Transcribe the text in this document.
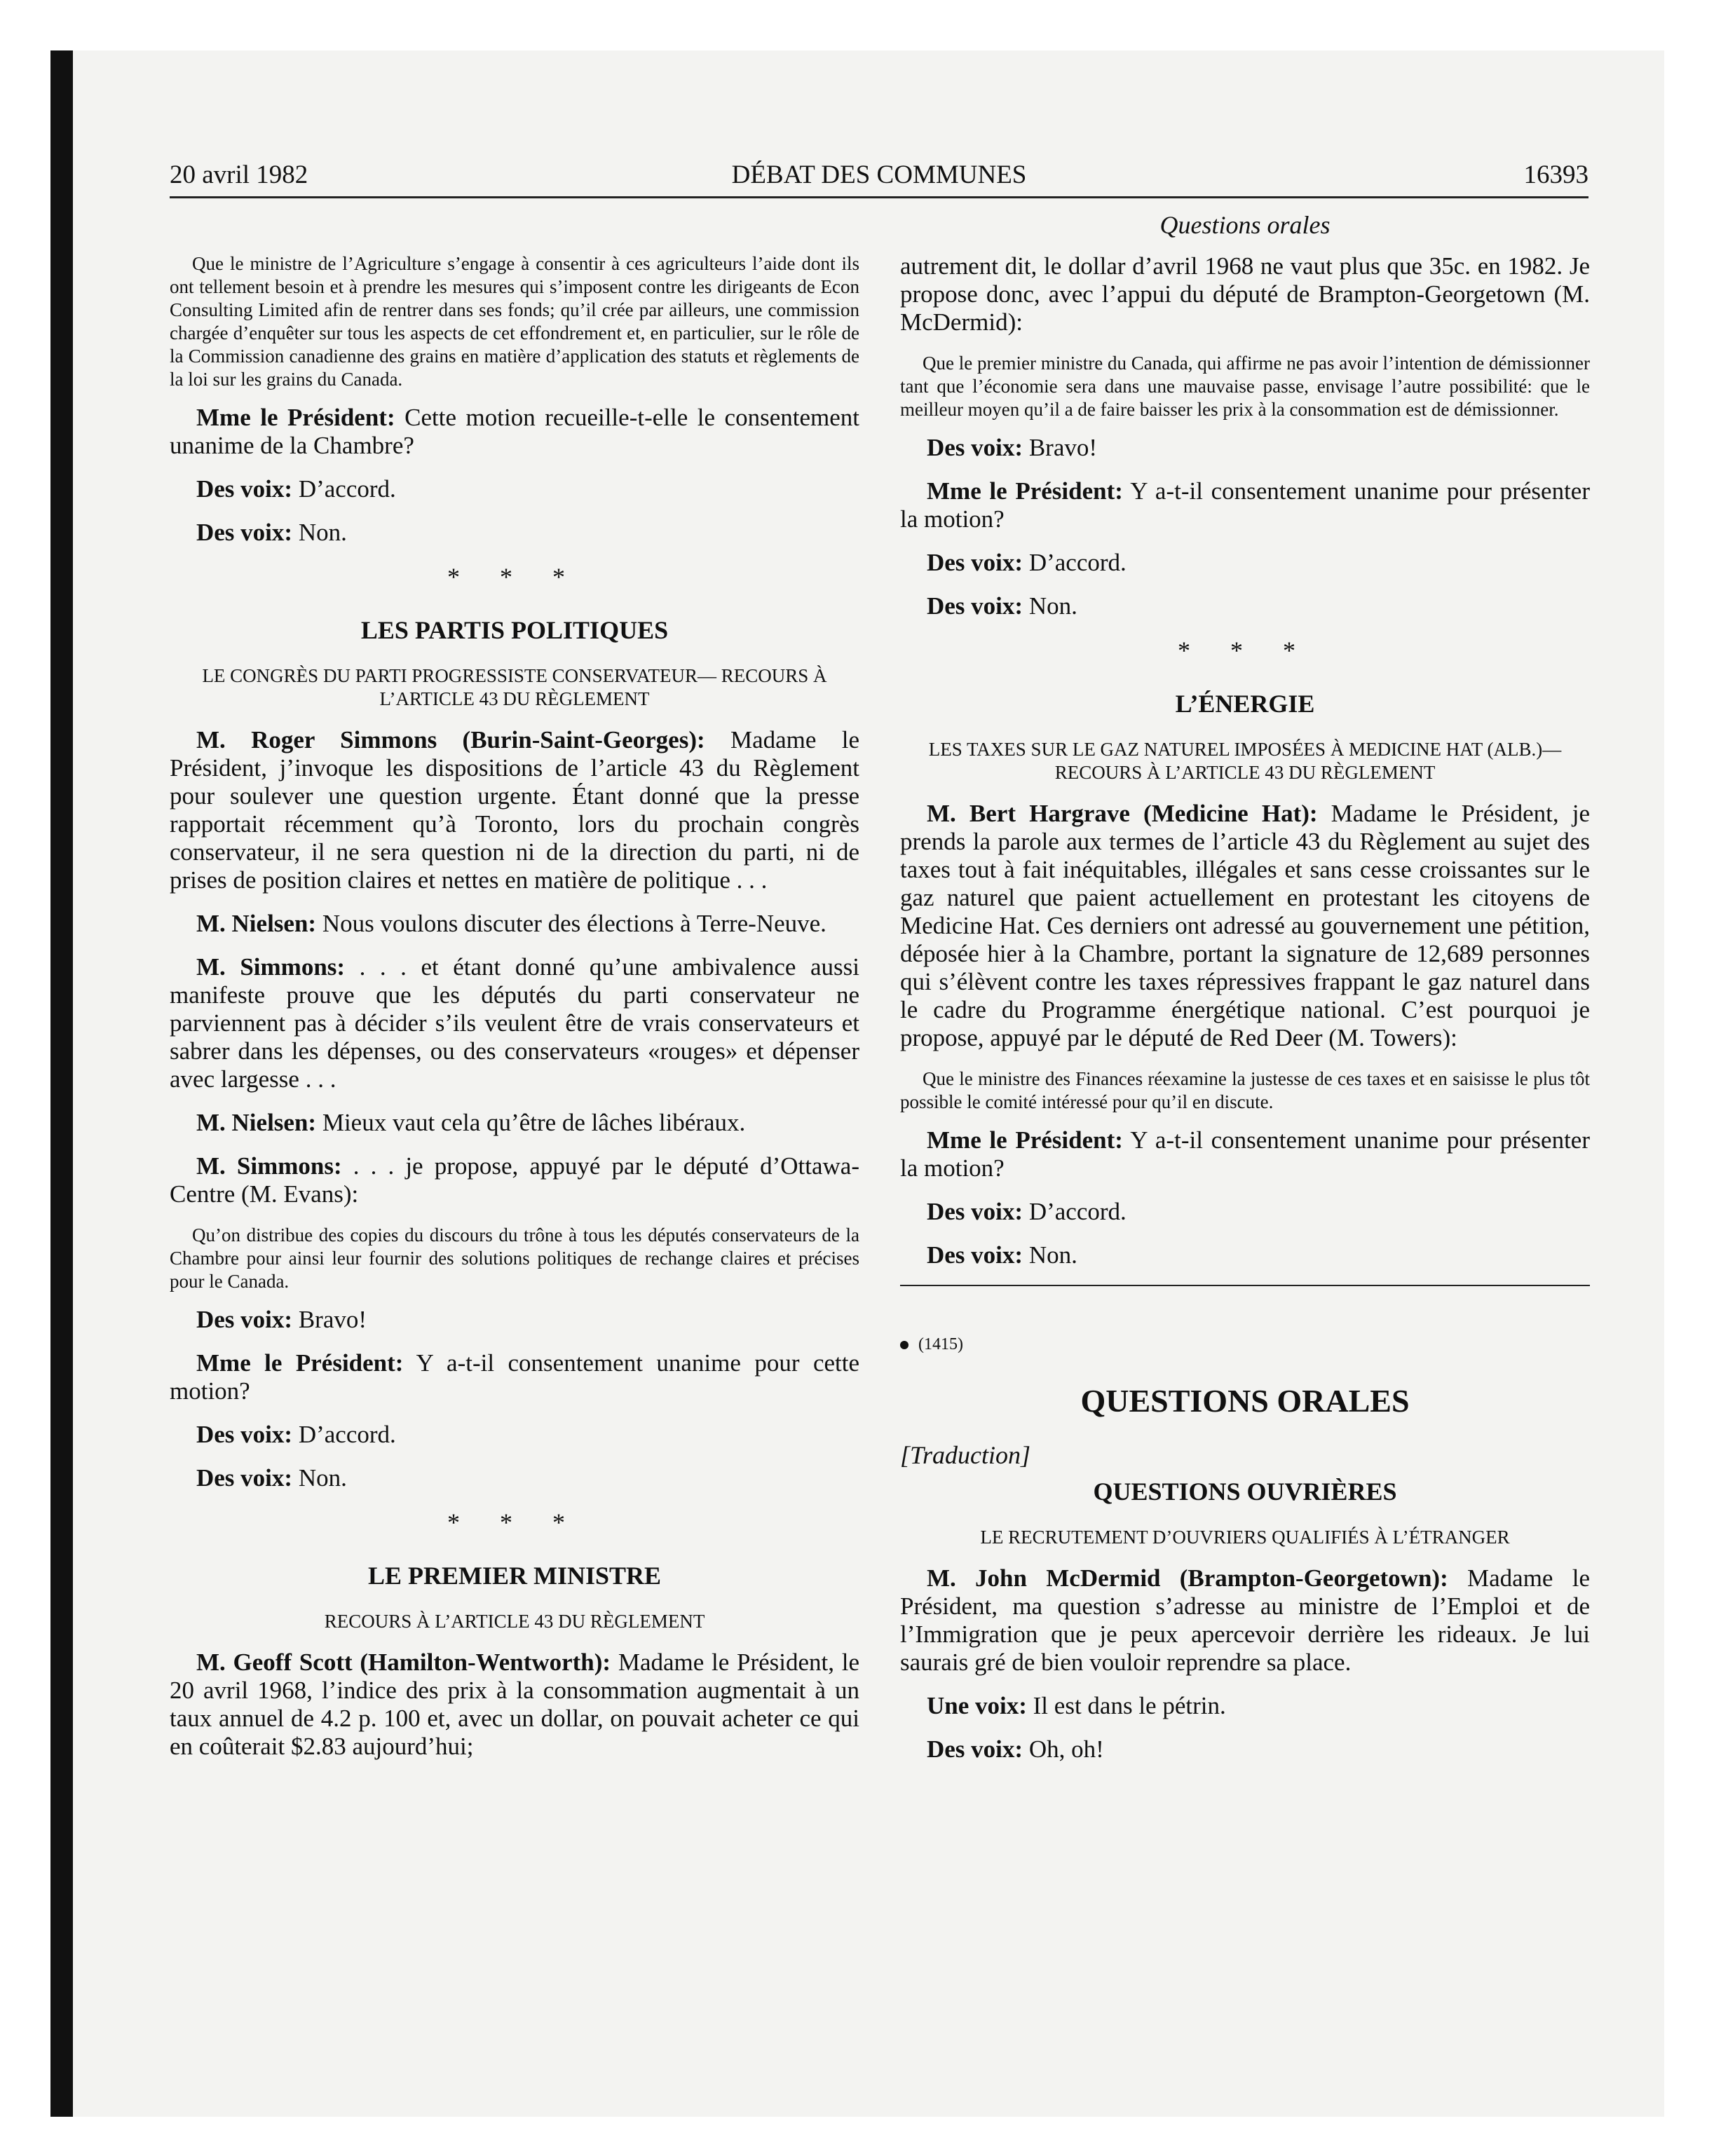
DÉBAT DES COMMUNES
20 avril 1982	16393
Questions orales

Que le ministre de l’Agriculture s’engage à consentir à ces agriculteurs l’aide dont ils ont tellement besoin et à prendre les mesures qui s’imposent contre les dirigeants de Econ Consulting Limited afin de rentrer dans ses fonds; qu’il crée par ailleurs, une commission chargée d’enquêter sur tous les aspects de cet effondrement et, en particulier, sur le rôle de la Commission canadienne des grains en matière d’application des statuts et règlements de la loi sur les grains du Canada.

Mme le Président: Cette motion recueille-t-elle le consentement unanime de la Chambre?

Des voix: D’accord.

Des voix: Non.

* * *

LES PARTIS POLITIQUES

LE CONGRÈS DU PARTI PROGRESSISTE CONSERVATEUR— RECOURS À L’ARTICLE 43 DU RÈGLEMENT

M. Roger Simmons (Burin-Saint-Georges): Madame le Président, j’invoque les dispositions de l’article 43 du Règlement pour soulever une question urgente. Étant donné que la presse rapportait récemment qu’à Toronto, lors du prochain congrès conservateur, il ne sera question ni de la direction du parti, ni de prises de position claires et nettes en matière de politique . . .

M. Nielsen: Nous voulons discuter des élections à Terre-Neuve.

M. Simmons: . . . et étant donné qu’une ambivalence aussi manifeste prouve que les députés du parti conservateur ne parviennent pas à décider s’ils veulent être de vrais conservateurs et sabrer dans les dépenses, ou des conservateurs «rouges» et dépenser avec largesse . . .

M. Nielsen: Mieux vaut cela qu’être de lâches libéraux.

M. Simmons: . . . je propose, appuyé par le député d’Ottawa-Centre (M. Evans):

Qu’on distribue des copies du discours du trône à tous les députés conservateurs de la Chambre pour ainsi leur fournir des solutions politiques de rechange claires et précises pour le Canada.

Des voix: Bravo!

Mme le Président: Y a-t-il consentement unanime pour cette motion?

Des voix: D’accord.

Des voix: Non.

* * *

LE PREMIER MINISTRE

RECOURS À L’ARTICLE 43 DU RÈGLEMENT

M. Geoff Scott (Hamilton-Wentworth): Madame le Président, le 20 avril 1968, l’indice des prix à la consommation augmentait à un taux annuel de 4.2 p. 100 et, avec un dollar, on pouvait acheter ce qui en coûterait $2.83 aujourd’hui;

autrement dit, le dollar d’avril 1968 ne vaut plus que 35c. en 1982. Je propose donc, avec l’appui du député de Brampton-Georgetown (M. McDermid):

Que le premier ministre du Canada, qui affirme ne pas avoir l’intention de démissionner tant que l’économie sera dans une mauvaise passe, envisage l’autre possibilité: que le meilleur moyen qu’il a de faire baisser les prix à la consommation est de démissionner.

Des voix: Bravo!

Mme le Président: Y a-t-il consentement unanime pour présenter la motion?

Des voix: D’accord.

Des voix: Non.

* * *

L’ÉNERGIE

LES TAXES SUR LE GAZ NATUREL IMPOSÉES À MEDICINE HAT (ALB.)—RECOURS À L’ARTICLE 43 DU RÈGLEMENT

M. Bert Hargrave (Medicine Hat): Madame le Président, je prends la parole aux termes de l’article 43 du Règlement au sujet des taxes tout à fait inéquitables, illégales et sans cesse croissantes sur le gaz naturel que paient actuellement en protestant les citoyens de Medicine Hat. Ces derniers ont adressé au gouvernement une pétition, déposée hier à la Chambre, portant la signature de 12,689 personnes qui s’élèvent contre les taxes répressives frappant le gaz naturel dans le cadre du Programme énergétique national. C’est pourquoi je propose, appuyé par le député de Red Deer (M. Towers):

Que le ministre des Finances réexamine la justesse de ces taxes et en saisisse le plus tôt possible le comité intéressé pour qu’il en discute.

Mme le Président: Y a-t-il consentement unanime pour présenter la motion?

Des voix: D’accord.

Des voix: Non.

(1415)

QUESTIONS ORALES

[Traduction]

QUESTIONS OUVRIÈRES

LE RECRUTEMENT D’OUVRIERS QUALIFIÉS À L’ÉTRANGER

M. John McDermid (Brampton-Georgetown): Madame le Président, ma question s’adresse au ministre de l’Emploi et de l’Immigration que je peux apercevoir derrière les rideaux. Je lui saurais gré de bien vouloir reprendre sa place.

Une voix: Il est dans le pétrin.

Des voix: Oh, oh!
